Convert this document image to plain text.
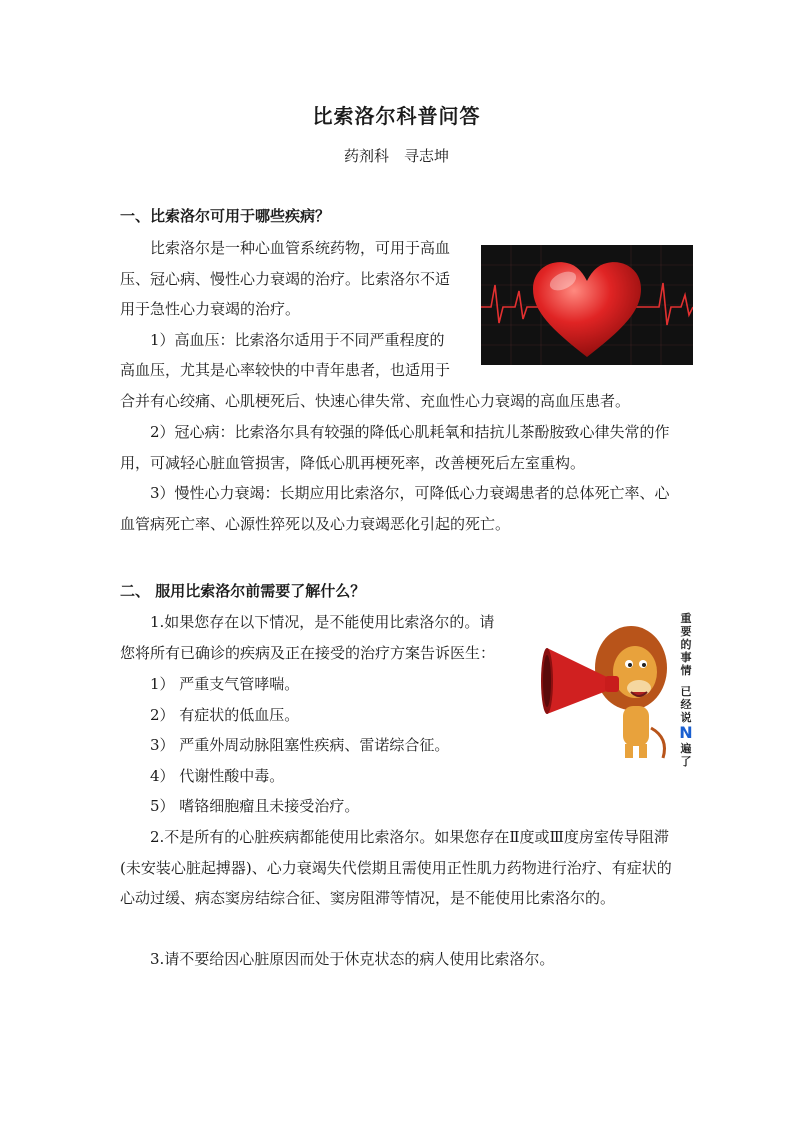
比索洛尔科普问答
药剂科　寻志坤
一、比索洛尔可用于哪些疾病？
比索洛尔是一种心血管系统药物，可用于高血
压、冠心病、慢性心力衰竭的治疗。比索洛尔不适
用于急性心力衰竭的治疗。
1）高血压：比索洛尔适用于不同严重程度的
高血压，尤其是心率较快的中青年患者，也适用于
合并有心绞痛、心肌梗死后、快速心律失常、充血性心力衰竭的高血压患者。

2）冠心病：比索洛尔具有较强的降低心肌耗氧和拮抗儿茶酚胺致心律失常的作用，可减轻心脏血管损害，降低心肌再梗死率，改善梗死后左室重构。

3）慢性心力衰竭：长期应用比索洛尔，可降低心力衰竭患者的总体死亡率、心血管病死亡率、心源性猝死以及心力衰竭恶化引起的死亡。

二、 服用比索洛尔前需要了解什么？
1.如果您存在以下情况，是不能使用比索洛尔的。请
您将所有已确诊的疾病及正在接受的治疗方案告诉医生：
1） 严重支气管哮喘。
2） 有症状的低血压。
3） 严重外周动脉阻塞性疾病、雷诺综合征。
4） 代谢性酸中毒。
5） 嗜铬细胞瘤且未接受治疗。

2.不是所有的心脏疾病都能使用比索洛尔。如果您存在Ⅱ度或Ⅲ度房室传导阻滞(未安装心脏起搏器)、心力衰竭失代偿期且需使用正性肌力药物进行治疗、有症状的心动过缓、病态窦房结综合征、窦房阻滞等情况，是不能使用比索洛尔的。

3.请不要给因心脏原因而处于休克状态的病人使用比索洛尔。

重要的事情
已经说
N
遍了
